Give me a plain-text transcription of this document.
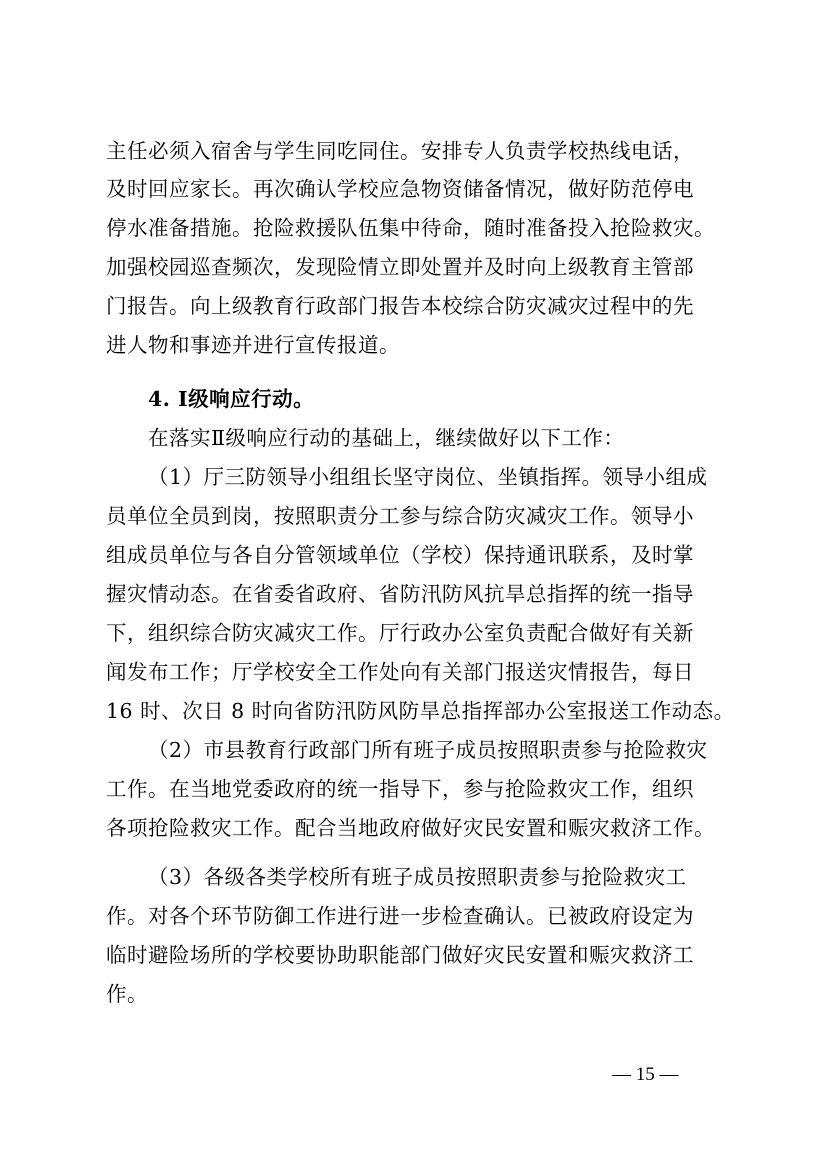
主任必须入宿舍与学生同吃同住。安排专人负责学校热线电话，
及时回应家长。再次确认学校应急物资储备情况，做好防范停电
停水准备措施。抢险救援队伍集中待命，随时准备投入抢险救灾。
加强校园巡查频次，发现险情立即处置并及时向上级教育主管部
门报告。向上级教育行政部门报告本校综合防灾减灾过程中的先
进人物和事迹并进行宣传报道。
4. Ⅰ级响应行动。
在落实Ⅱ级响应行动的基础上，继续做好以下工作：
（1）厅三防领导小组组长坚守岗位、坐镇指挥。领导小组成
员单位全员到岗，按照职责分工参与综合防灾减灾工作。领导小
组成员单位与各自分管领域单位（学校）保持通讯联系，及时掌
握灾情动态。在省委省政府、省防汛防风抗旱总指挥的统一指导
下，组织综合防灾减灾工作。厅行政办公室负责配合做好有关新
闻发布工作；厅学校安全工作处向有关部门报送灾情报告，每日
16 时、次日 8 时向省防汛防风防旱总指挥部办公室报送工作动态。
（2）市县教育行政部门所有班子成员按照职责参与抢险救灾
工作。在当地党委政府的统一指导下，参与抢险救灾工作，组织
各项抢险救灾工作。配合当地政府做好灾民安置和赈灾救济工作。
（3）各级各类学校所有班子成员按照职责参与抢险救灾工
作。对各个环节防御工作进行进一步检查确认。已被政府设定为
临时避险场所的学校要协助职能部门做好灾民安置和赈灾救济工
作。
— 15 —
